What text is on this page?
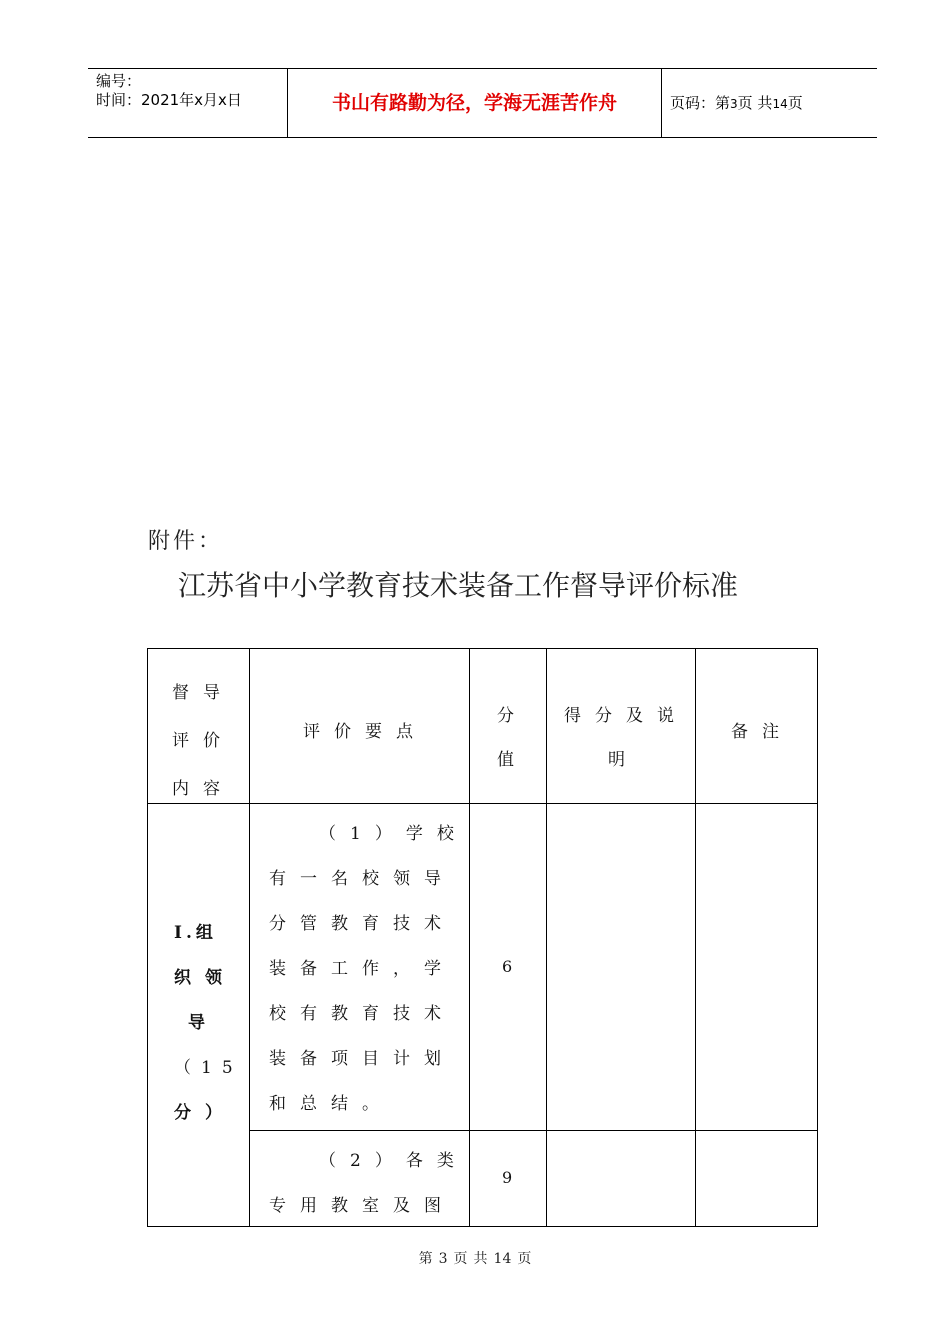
编号：
时间：2021年x月x日	书山有路勤为径，学海无涯苦作舟	页码：第3页 共14页
附件：
江苏省中小学教育技术装备工作督导评价标准
督导
评价
内容
评价要点
分
值
得分及说
明
备注
I.组
织领
导
（15
分）
（1）学校
有一名校领导
分管教育技术
装备工作，学
校有教育技术
装备项目计划
和总结。
6
（2）各类
专用教室及图
9
第 3 页 共 14 页
